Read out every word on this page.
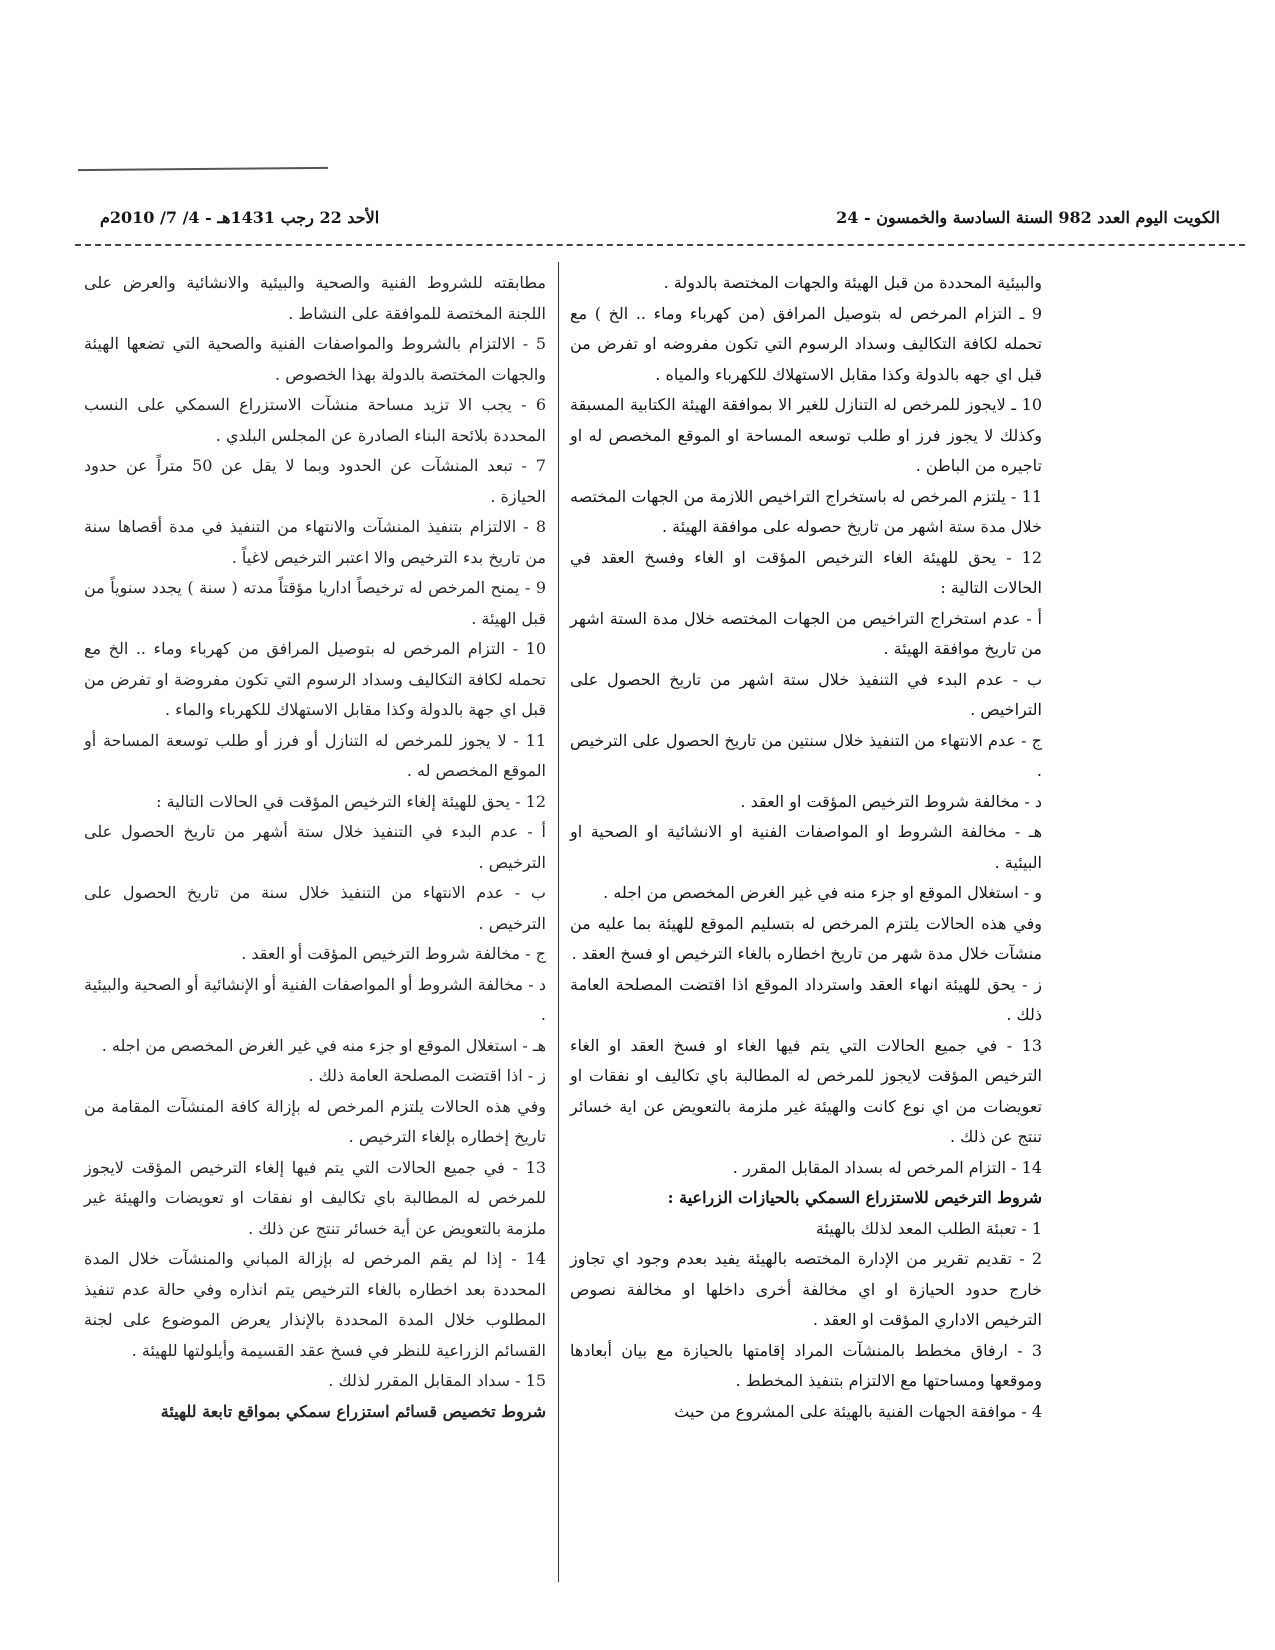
الكويت اليوم العدد 982 السنة السادسة والخمسون - 24
الأحد 22 رجب 1431هـ - 4/ 7/ 2010م

والبيئية المحددة من قبل الهيئة والجهات المختصة بالدولة .

9 ـ التزام المرخص له بتوصيل المرافق (من كهرباء وماء .. الخ ) مع تحمله لكافة التكاليف وسداد الرسوم التي تكون مفروضه او تفرض من قبل اي جهه بالدولة وكذا مقابل الاستهلاك للكهرباء والمياه .

10 ـ لايجوز للمرخص له التنازل للغير الا بموافقة الهيئة الكتابية المسبقة وكذلك لا يجوز فرز او طلب توسعه المساحة او الموقع المخصص له او تاجيره من الباطن .

11 - يلتزم المرخص له باستخراج التراخيص اللازمة من الجهات المختصه خلال مدة ستة اشهر من تاريخ حصوله على موافقة الهيئة .

12 - يحق للهيئة الغاء الترخيص المؤقت او الغاء وفسخ العقد في الحالات التالية :

أ - عدم استخراج التراخيص من الجهات المختصه خلال مدة الستة اشهر من تاريخ موافقة الهيئة .

ب - عدم البدء في التنفيذ خلال ستة اشهر من تاريخ الحصول على التراخيص .

ج - عدم الانتهاء من التنفيذ خلال سنتين من تاريخ الحصول على الترخيص .

د - مخالفة شروط الترخيص المؤقت او العقد .

هـ - مخالفة الشروط او المواصفات الفنية او الانشائية او الصحية او البيئية .

و - استغلال الموقع او جزء منه في غير الغرض المخصص من اجله .

وفي هذه الحالات يلتزم المرخص له بتسليم الموقع للهيئة بما عليه من منشآت خلال مدة شهر من تاريخ اخطاره بالغاء الترخيص او فسخ العقد .

ز - يحق للهيئة انهاء العقد واسترداد الموقع اذا اقتضت المصلحة العامة ذلك .

13 - في جميع الحالات التي يتم فيها الغاء او فسخ العقد او الغاء الترخيص المؤقت لايجوز للمرخص له المطالبة باي تكاليف او نفقات او تعويضات من اي نوع كانت والهيئة غير ملزمة بالتعويض عن اية خسائر تنتج عن ذلك .

14 - التزام المرخص له بسداد المقابل المقرر .

شروط الترخيص للاستزراع السمكي بالحيازات الزراعية :

1 - تعبئة الطلب المعد لذلك بالهيئة

2 - تقديم تقرير من الإدارة المختصه بالهيئة يفيد بعدم وجود اي تجاوز خارج حدود الحيازة او اي مخالفة أخرى داخلها او مخالفة نصوص الترخيص الاداري المؤقت او العقد .

3 - ارفاق مخطط بالمنشآت المراد إقامتها بالحيازة مع بيان أبعادها وموقعها ومساحتها مع الالتزام بتنفيذ المخطط .

4 - موافقة الجهات الفنية بالهيئة على المشروع من حيث

مطابقته للشروط الفنية والصحية والبيئية والانشائية والعرض على اللجنة المختصة للموافقة على النشاط .

5 - الالتزام بالشروط والمواصفات الفنية والصحية التي تضعها الهيئة والجهات المختصة بالدولة بهذا الخصوص .

6 - يجب الا تزيد مساحة منشآت الاستزراع السمكي على النسب المحددة بلائحة البناء الصادرة عن المجلس البلدي .

7 - تبعد المنشآت عن الحدود وبما لا يقل عن 50 متراً عن حدود الحيازة .

8 - الالتزام بتنفيذ المنشآت والانتهاء من التنفيذ في مدة أقصاها سنة من تاريخ بدء الترخيص والا اعتبر الترخيص لاغياً .

9 - يمنح المرخص له ترخيصاً اداريا مؤقتاً مدته ( سنة ) يجدد سنوياً من قبل الهيئة .

10 - التزام المرخص له بتوصيل المرافق من كهرباء وماء .. الخ مع تحمله لكافة التكاليف وسداد الرسوم التي تكون مفروضة او تفرض من قبل اي جهة بالدولة وكذا مقابل الاستهلاك للكهرباء والماء .

11 - لا يجوز للمرخص له التنازل أو فرز أو طلب توسعة المساحة أو الموقع المخصص له .

12 - يحق للهيئة إلغاء الترخيص المؤقت في الحالات التالية :

أ - عدم البدء في التنفيذ خلال ستة أشهر من تاريخ الحصول على الترخيص .

ب - عدم الانتهاء من التنفيذ خلال سنة من تاريخ الحصول على الترخيص .

ج - مخالفة شروط الترخيص المؤقت أو العقد .

د - مخالفة الشروط أو المواصفات الفنية أو الإنشائية أو الصحية والبيئية .

هـ - استغلال الموقع او جزء منه في غير الغرض المخصص من اجله .

ز - اذا اقتضت المصلحة العامة ذلك .

وفي هذه الحالات يلتزم المرخص له بإزالة كافة المنشآت المقامة من تاريخ إخطاره بإلغاء الترخيص .

13 - في جميع الحالات التي يتم فيها إلغاء الترخيص المؤقت لايجوز للمرخص له المطالبة باي تكاليف او نفقات او تعويضات والهيئة غير ملزمة بالتعويض عن أية خسائر تنتج عن ذلك .

14 - إذا لم يقم المرخص له بإزالة المباني والمنشآت خلال المدة المحددة بعد اخطاره بالغاء الترخيص يتم انذاره وفي حالة عدم تنفيذ المطلوب خلال المدة المحددة بالإنذار يعرض الموضوع على لجنة القسائم الزراعية للنظر في فسخ عقد القسيمة وأيلولتها للهيئة .

15 - سداد المقابل المقرر لذلك .

شروط تخصيص قسائم استزراع سمكي بمواقع تابعة للهيئة
